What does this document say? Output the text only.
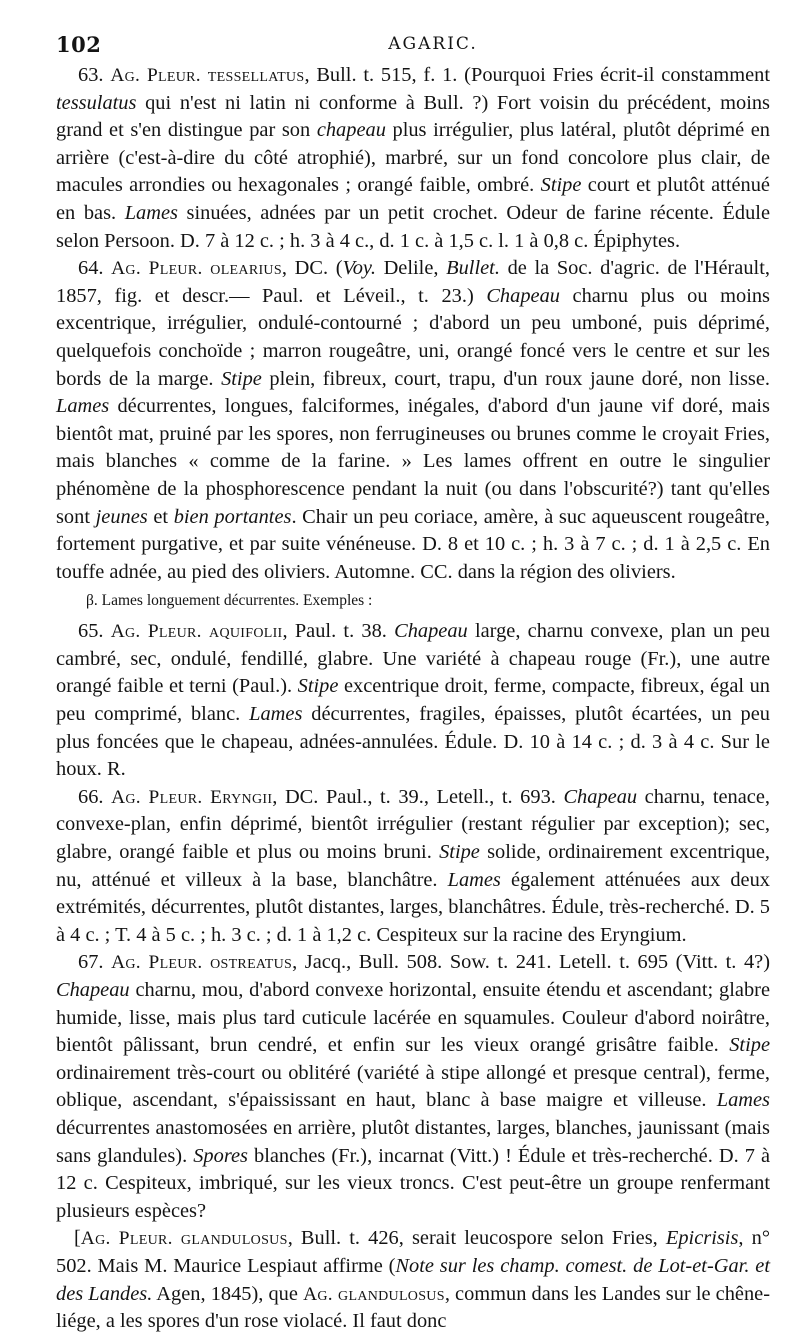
102	AGARIC.

63. Ag. Pleur. tessellatus, Bull. t. 515, f. 1. (Pourquoi Fries écrit-il constamment tessulatus qui n'est ni latin ni conforme à Bull. ?) Fort voisin du précédent, moins grand et s'en distingue par son chapeau plus irrégulier, plus latéral, plutôt déprimé en arrière (c'est-à-dire du côté atrophié), marbré, sur un fond concolore plus clair, de macules arrondies ou hexagonales ; orangé faible, ombré. Stipe court et plutôt atténué en bas. Lames sinuées, adnées par un petit crochet. Odeur de farine récente. Édule selon Persoon. D. 7 à 12 c. ; h. 3 à 4 c., d. 1 c. à 1,5 c. l. 1 à 0,8 c. Épiphytes.

64. Ag. Pleur. olearius, DC. (Voy. Delile, Bullet. de la Soc. d'agric. de l'Hérault, 1857, fig. et descr.— Paul. et Léveil., t. 23.) Chapeau charnu plus ou moins excentrique, irrégulier, ondulé-contourné ; d'abord un peu umboné, puis déprimé, quelquefois conchoïde ; marron rougeâtre, uni, orangé foncé vers le centre et sur les bords de la marge. Stipe plein, fibreux, court, trapu, d'un roux jaune doré, non lisse. Lames décurrentes, longues, falciformes, inégales, d'abord d'un jaune vif doré, mais bientôt mat, pruiné par les spores, non ferrugineuses ou brunes comme le croyait Fries, mais blanches « comme de la farine. » Les lames offrent en outre le singulier phénomène de la phosphorescence pendant la nuit (ou dans l'obscurité?) tant qu'elles sont jeunes et bien portantes. Chair un peu coriace, amère, à suc aqueuscent rougeâtre, fortement purgative, et par suite vénéneuse. D. 8 et 10 c. ; h. 3 à 7 c. ; d. 1 à 2,5 c. En touffe adnée, au pied des oliviers. Automne. CC. dans la région des oliviers.

β. Lames longuement décurrentes. Exemples :

65. Ag. Pleur. aquifolii, Paul. t. 38. Chapeau large, charnu convexe, plan un peu cambré, sec, ondulé, fendillé, glabre. Une variété à chapeau rouge (Fr.), une autre orangé faible et terni (Paul.). Stipe excentrique droit, ferme, compacte, fibreux, égal un peu comprimé, blanc. Lames décurrentes, fragiles, épaisses, plutôt écartées, un peu plus foncées que le chapeau, adnées-annulées. Édule. D. 10 à 14 c. ; d. 3 à 4 c. Sur le houx. R.

66. Ag. Pleur. Eryngii, DC. Paul., t. 39., Letell., t. 693. Chapeau charnu, tenace, convexe-plan, enfin déprimé, bientôt irrégulier (restant régulier par exception); sec, glabre, orangé faible et plus ou moins bruni. Stipe solide, ordinairement excentrique, nu, atténué et villeux à la base, blanchâtre. Lames également atténuées aux deux extrémités, décurrentes, plutôt distantes, larges, blanchâtres. Édule, très-recherché. D. 5 à 4 c. ; T. 4 à 5 c. ; h. 3 c. ; d. 1 à 1,2 c. Cespiteux sur la racine des Eryngium.

67. Ag. Pleur. ostreatus, Jacq., Bull. 508. Sow. t. 241. Letell. t. 695 (Vitt. t. 4?) Chapeau charnu, mou, d'abord convexe horizontal, ensuite étendu et ascendant; glabre humide, lisse, mais plus tard cuticule lacérée en squamules. Couleur d'abord noirâtre, bientôt pâlissant, brun cendré, et enfin sur les vieux orangé grisâtre faible. Stipe ordinairement très-court ou oblitéré (variété à stipe allongé et presque central), ferme, oblique, ascendant, s'épaississant en haut, blanc à base maigre et villeuse. Lames décurrentes anastomosées en arrière, plutôt distantes, larges, blanches, jaunissant (mais sans glandules). Spores blanches (Fr.), incarnat (Vitt.) ! Édule et très-recherché. D. 7 à 12 c. Cespiteux, imbriqué, sur les vieux troncs. C'est peut-être un groupe renfermant plusieurs espèces?

[Ag. Pleur. glandulosus, Bull. t. 426, serait leucospore selon Fries, Epicrisis, n° 502. Mais M. Maurice Lespiaut affirme (Note sur les champ. comest. de Lot-et-Gar. et des Landes. Agen, 1845), que Ag. glandulosus, commun dans les Landes sur le chêne-liége, a les spores d'un rose violacé. Il faut donc
